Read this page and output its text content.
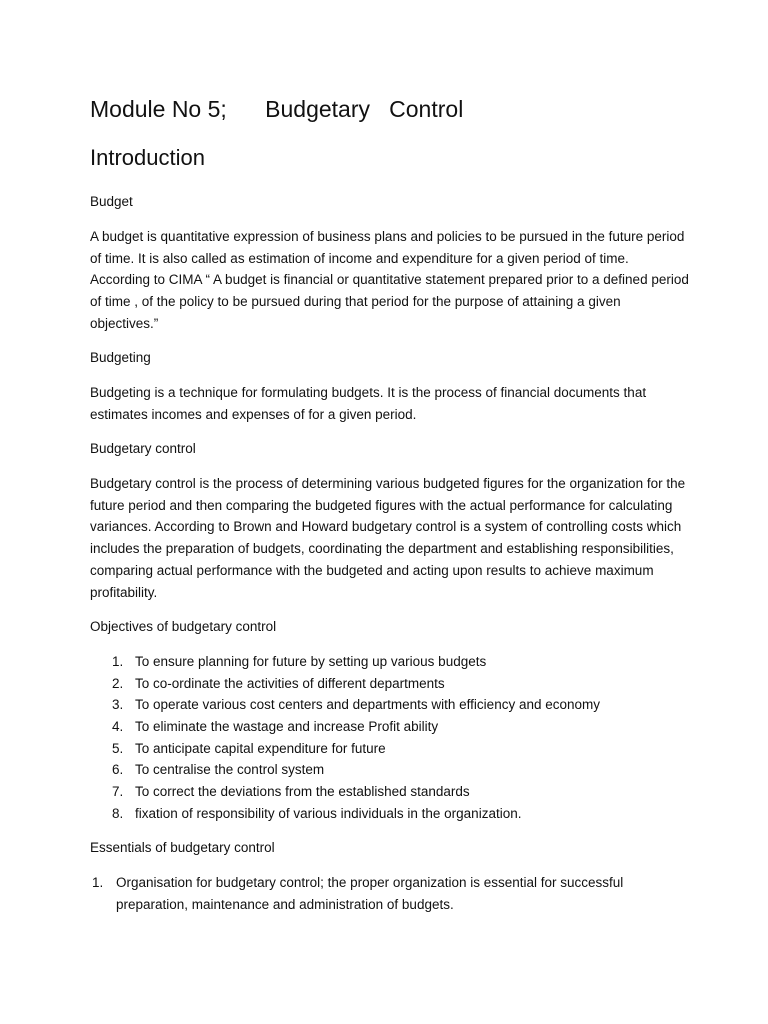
Module No 5;      Budgetary   Control
Introduction
Budget

A budget is quantitative expression of business plans and policies to be pursued in the future period of time. It is also called as estimation of income and expenditure for a given period of time. According to CIMA “ A budget is financial or quantitative statement prepared prior to a defined period of time , of the policy to be pursued during that period for the purpose of attaining a given objectives.”

Budgeting

Budgeting is a technique for formulating budgets. It is the process of financial documents that estimates incomes and expenses of for a given period.

Budgetary control

Budgetary control is the process of determining various budgeted figures for the organization for the future period and then comparing the budgeted figures with the actual performance for calculating variances. According to Brown and Howard budgetary control is a system of controlling costs which includes the preparation of budgets, coordinating the department and establishing responsibilities, comparing actual performance with the budgeted and acting upon results to achieve maximum profitability.

Objectives of budgetary control
1. To ensure planning for future by setting up various budgets
2. To co-ordinate the activities of different departments
3. To operate various cost centers and departments with efficiency and economy
4. To eliminate the wastage and increase Profit ability
5. To anticipate capital expenditure for future
6. To centralise the control system
7. To correct the deviations from the established standards
8. fixation of responsibility of various individuals in the organization.
Essentials of budgetary control
1. Organisation for budgetary control; the proper organization is essential for successful preparation, maintenance and administration of budgets.
